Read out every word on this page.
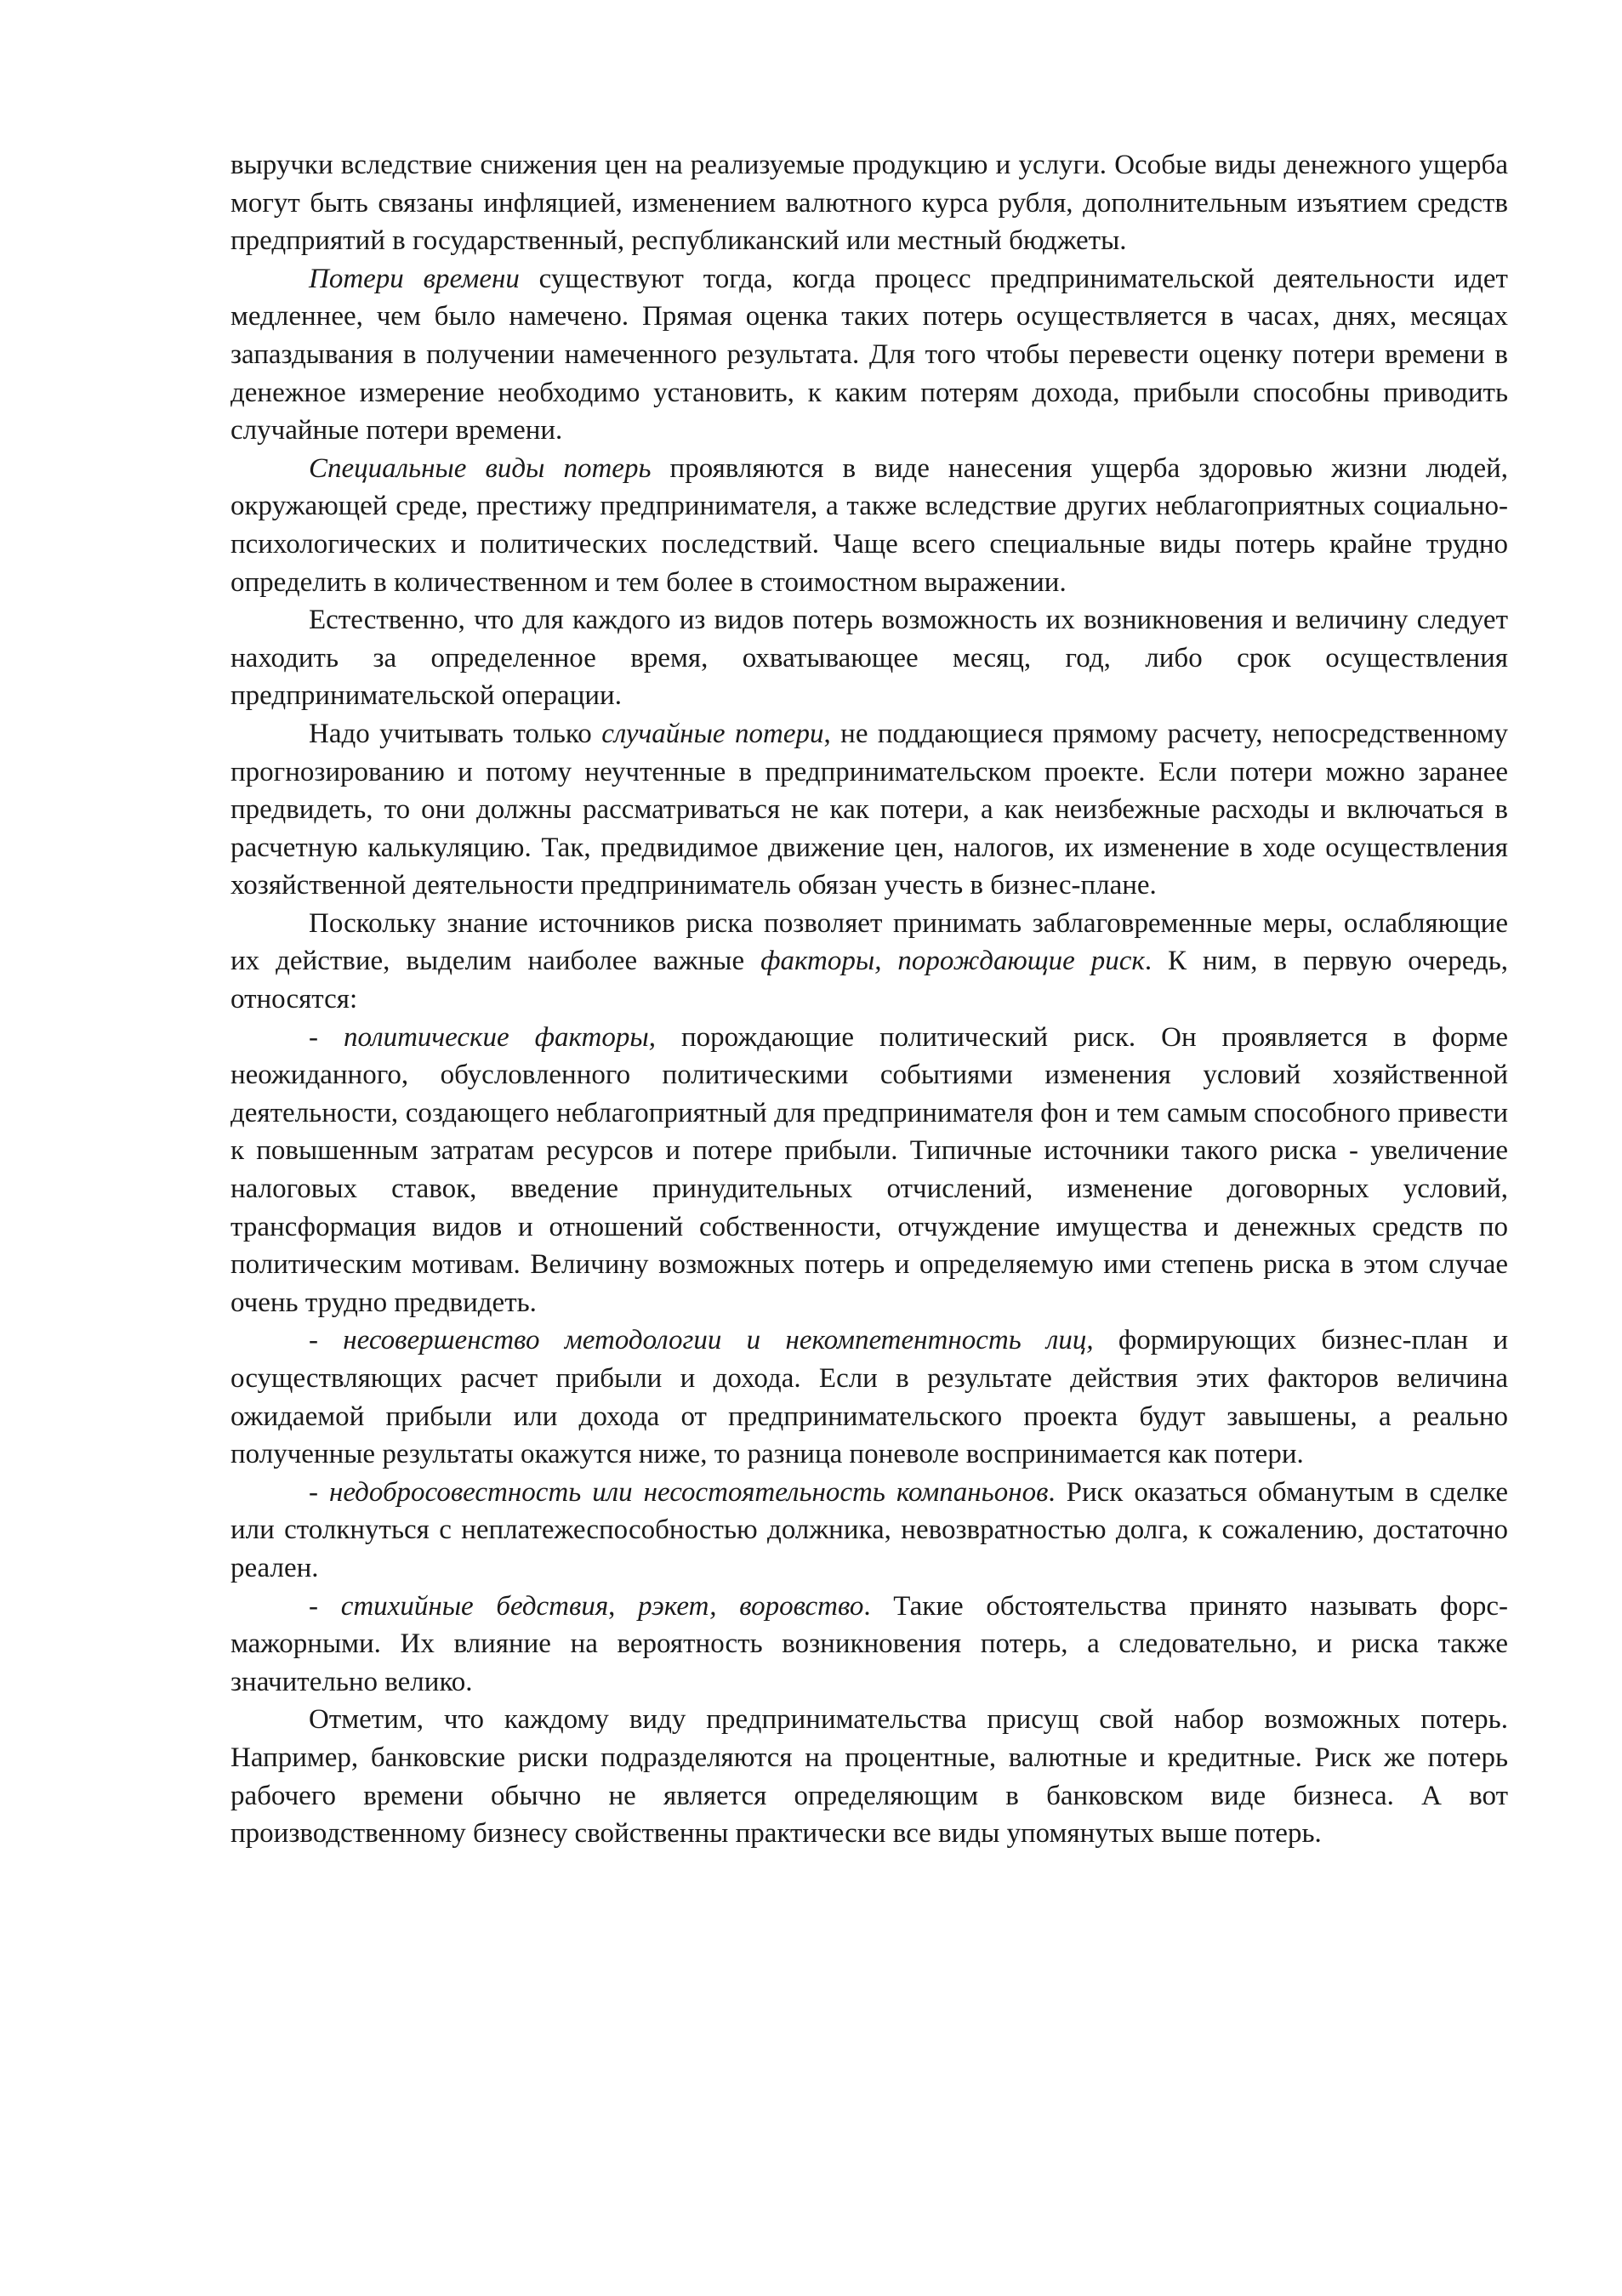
выручки вследствие снижения цен на реализуемые продукцию и услуги. Особые виды денежного ущерба могут быть связаны инфляцией, изменением валютного курса рубля, дополнительным изъятием средств предприятий в государственный, республиканский или местный бюджеты.

Потери времени существуют тогда, когда процесс предпринимательской деятельности идет медленнее, чем было намечено. Прямая оценка таких потерь осуществляется в часах, днях, месяцах запаздывания в получении намеченного результата. Для того чтобы перевести оценку потери времени в денежное измерение необходимо установить, к каким потерям дохода, прибыли способны приводить случайные потери времени.

Специальные виды потерь проявляются в виде нанесения ущерба здоровью жизни людей, окружающей среде, престижу предпринимателя, а также вследствие других неблагоприятных социально-психологических и политических последствий. Чаще всего специальные виды потерь крайне трудно определить в количественном и тем более в стоимостном выражении.

Естественно, что для каждого из видов потерь возможность их возникновения и величину следует находить за определенное время, охватывающее месяц, год, либо срок осуществления предпринимательской операции.

Надо учитывать только случайные потери, не поддающиеся прямому расчету, непосредственному прогнозированию и потому неучтенные в предпринимательском проекте. Если потери можно заранее предвидеть, то они должны рассматриваться не как потери, а как неизбежные расходы и включаться в расчетную калькуляцию. Так, предвидимое движение цен, налогов, их изменение в ходе осуществления хозяйственной деятельности предприниматель обязан учесть в бизнес-плане.

Поскольку знание источников риска позволяет принимать заблаговременные меры, ослабляющие их действие, выделим наиболее важные факторы, порождающие риск. К ним, в первую очередь, относятся:

- политические факторы, порождающие политический риск. Он проявляется в форме неожиданного, обусловленного политическими событиями изменения условий хозяйственной деятельности, создающего неблагоприятный для предпринимателя фон и тем самым способного привести к повышенным затратам ресурсов и потере прибыли. Типичные источники такого риска - увеличение налоговых ставок, введение принудительных отчислений, изменение договорных условий, трансформация видов и отношений собственности, отчуждение имущества и денежных средств по политическим мотивам. Величину возможных потерь и определяемую ими степень риска в этом случае очень трудно предвидеть.

- несовершенство методологии и некомпетентность лиц, формирующих бизнес-план и осуществляющих расчет прибыли и дохода. Если в результате действия этих факторов величина ожидаемой прибыли или дохода от предпринимательского проекта будут завышены, а реально полученные результаты окажутся ниже, то разница поневоле воспринимается как потери.

- недобросовестность или несостоятельность компаньонов. Риск оказаться обманутым в сделке или столкнуться с неплатежеспособностью должника, невозвратностью долга, к сожалению, достаточно реален.

- стихийные бедствия, рэкет, воровство. Такие обстоятельства принято называть форс-мажорными. Их влияние на вероятность возникновения потерь, а следовательно, и риска также значительно велико.

Отметим, что каждому виду предпринимательства присущ свой набор возможных потерь. Например, банковские риски подразделяются на процентные, валютные и кредитные. Риск же потерь рабочего времени обычно не является определяющим в банковском виде бизнеса. А вот производственному бизнесу свойственны практически все виды упомянутых выше потерь.
